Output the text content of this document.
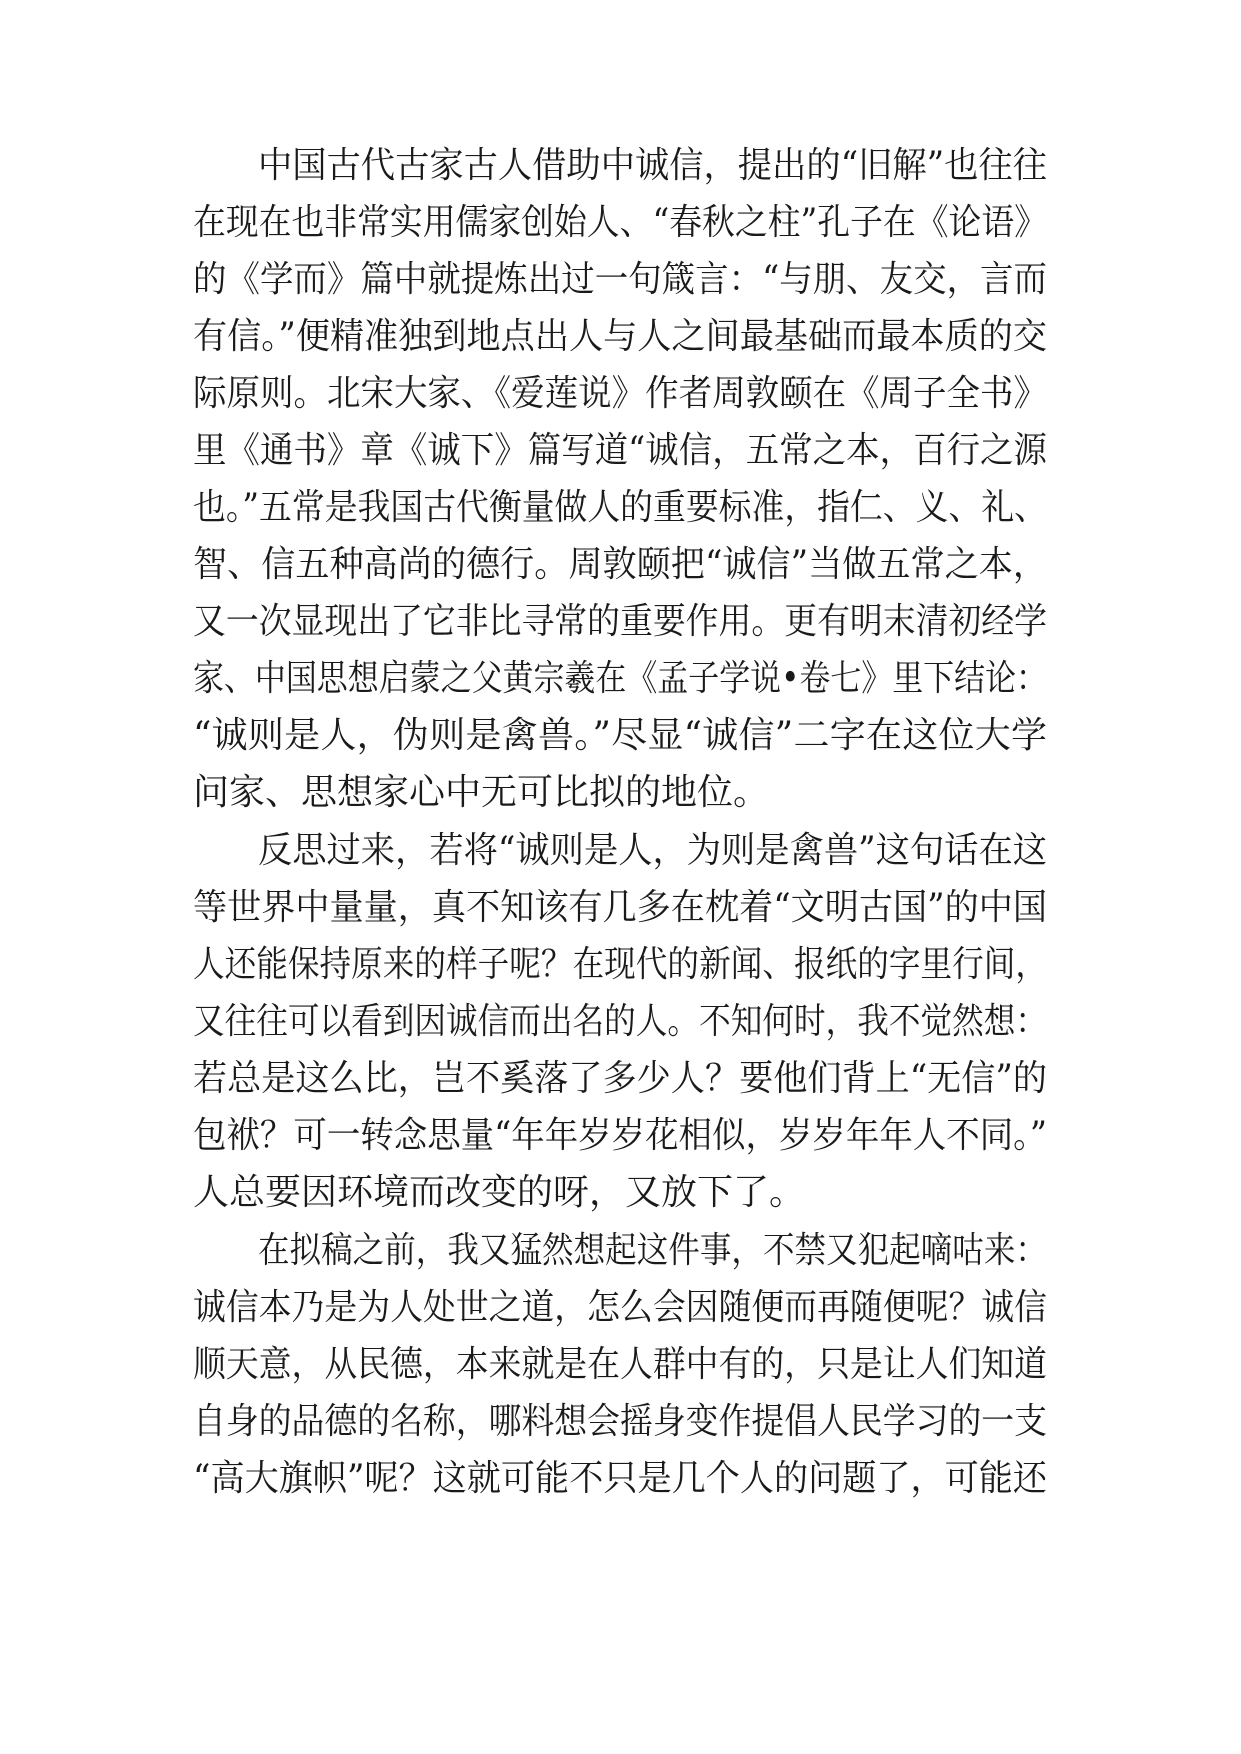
中国古代古家古人借助中诚信，提出的“旧解”也往往
在现在也非常实用儒家创始人、“春秋之柱”孔子在《论语》
的《学而》篇中就提炼出过一句箴言：“与朋、友交，言而
有信。”便精准独到地点出人与人之间最基础而最本质的交
际原则。北宋大家、《爱莲说》作者周敦颐在《周子全书》
里《通书》章《诚下》篇写道“诚信，五常之本，百行之源
也。”五常是我国古代衡量做人的重要标准，指仁、义、礼、
智、信五种高尚的德行。周敦颐把“诚信”当做五常之本，
又一次显现出了它非比寻常的重要作用。更有明末清初经学
家、中国思想启蒙之父黄宗羲在《孟子学说•卷七》里下结论：
“诚则是人，伪则是禽兽。”尽显“诚信”二字在这位大学
问家、思想家心中无可比拟的地位。
反思过来，若将“诚则是人，为则是禽兽”这句话在这
等世界中量量，真不知该有几多在枕着“文明古国”的中国
人还能保持原来的样子呢？在现代的新闻、报纸的字里行间，
又往往可以看到因诚信而出名的人。不知何时，我不觉然想：
若总是这么比，岂不奚落了多少人？要他们背上“无信”的
包袱？可一转念思量“年年岁岁花相似，岁岁年年人不同。”
人总要因环境而改变的呀，又放下了。
在拟稿之前，我又猛然想起这件事，不禁又犯起嘀咕来：
诚信本乃是为人处世之道，怎么会因随便而再随便呢？诚信
顺天意，从民德，本来就是在人群中有的，只是让人们知道
自身的品德的名称，哪料想会摇身变作提倡人民学习的一支
“高大旗帜”呢？这就可能不只是几个人的问题了，可能还
